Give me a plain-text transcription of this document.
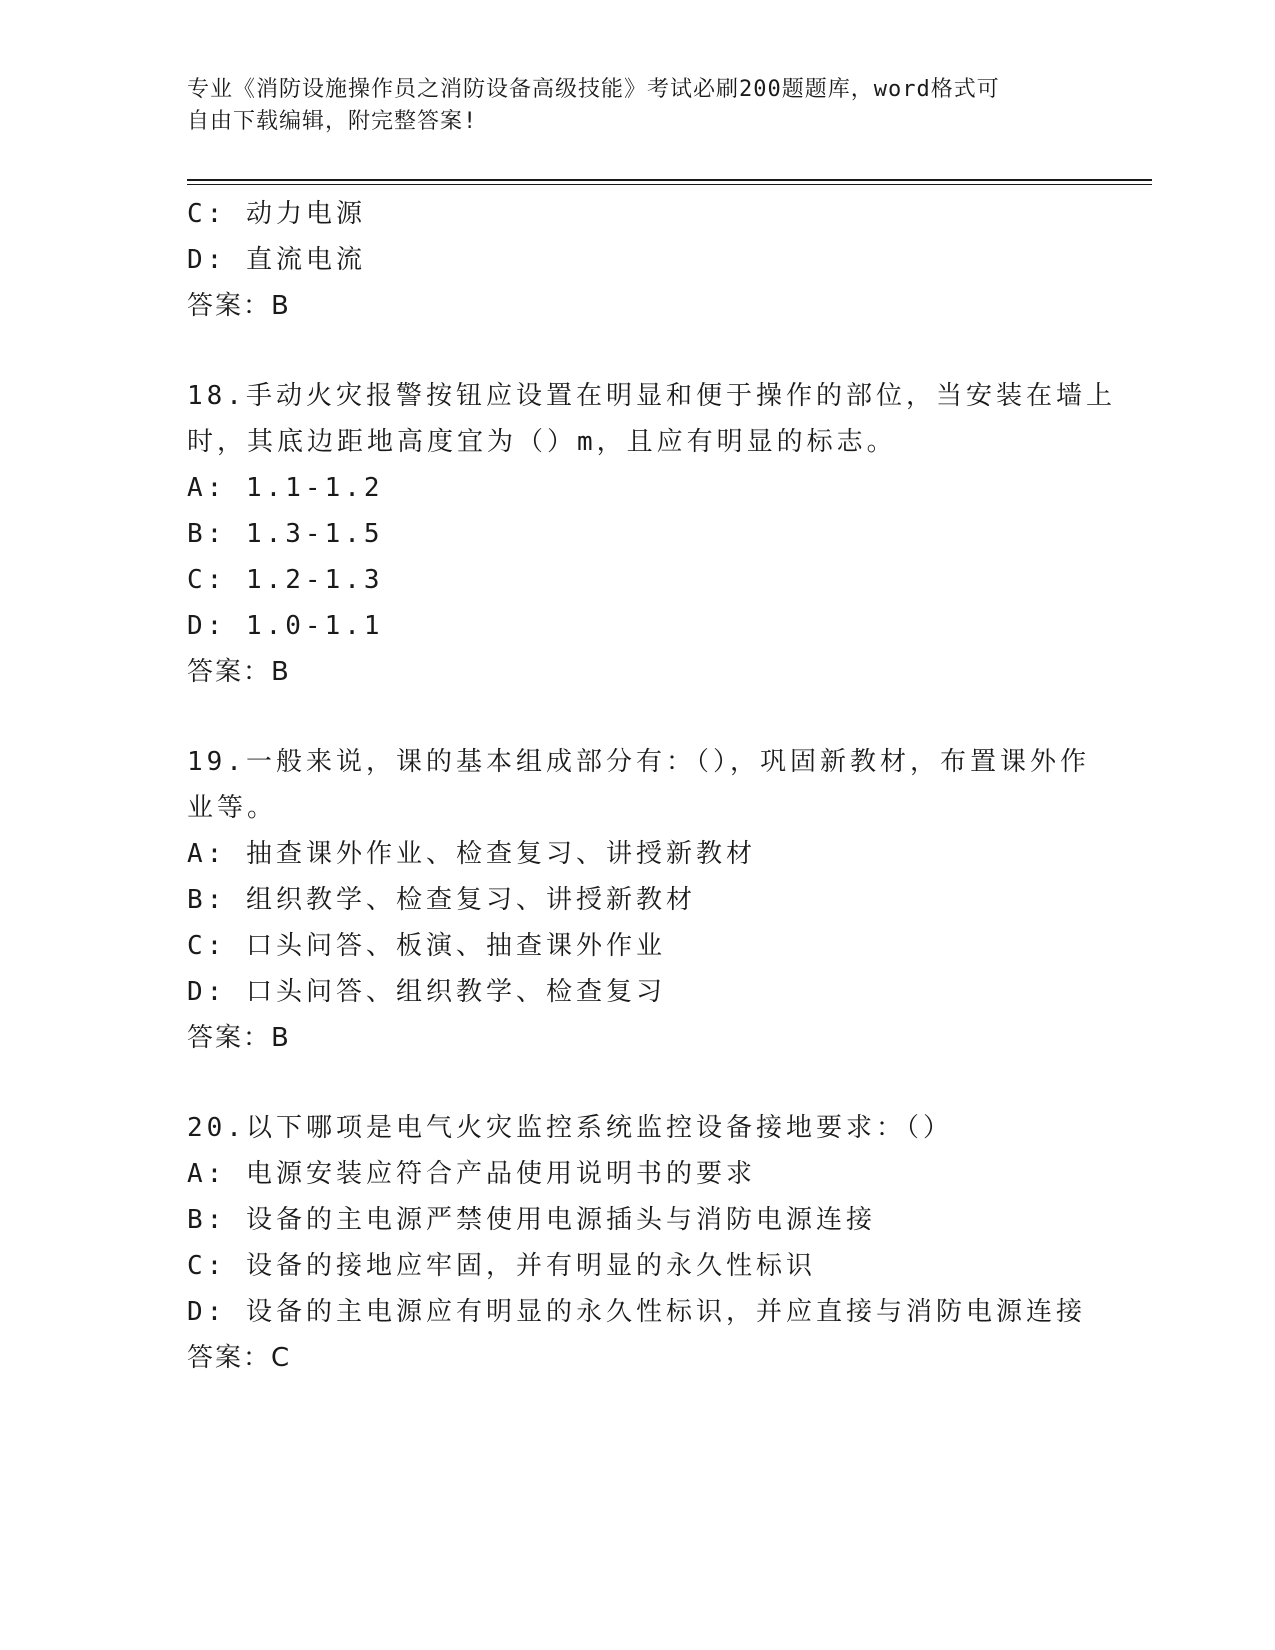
专业《消防设施操作员之消防设备高级技能》考试必刷200题题库，word格式可
自由下载编辑，附完整答案!
C: 动力电源
D: 直流电流
答案：B
18.手动火灾报警按钮应设置在明显和便于操作的部位，当安装在墙上
时，其底边距地高度宜为（）m，且应有明显的标志。
A: 1.1-1.2
B: 1.3-1.5
C: 1.2-1.3
D: 1.0-1.1
答案：B
19.一般来说，课的基本组成部分有：（），巩固新教材，布置课外作
业等。
A: 抽查课外作业、检查复习、讲授新教材
B: 组织教学、检查复习、讲授新教材
C: 口头问答、板演、抽查课外作业
D: 口头问答、组织教学、检查复习
答案：B
20.以下哪项是电气火灾监控系统监控设备接地要求：（）
A: 电源安装应符合产品使用说明书的要求
B: 设备的主电源严禁使用电源插头与消防电源连接
C: 设备的接地应牢固，并有明显的永久性标识
D: 设备的主电源应有明显的永久性标识，并应直接与消防电源连接
答案：C
